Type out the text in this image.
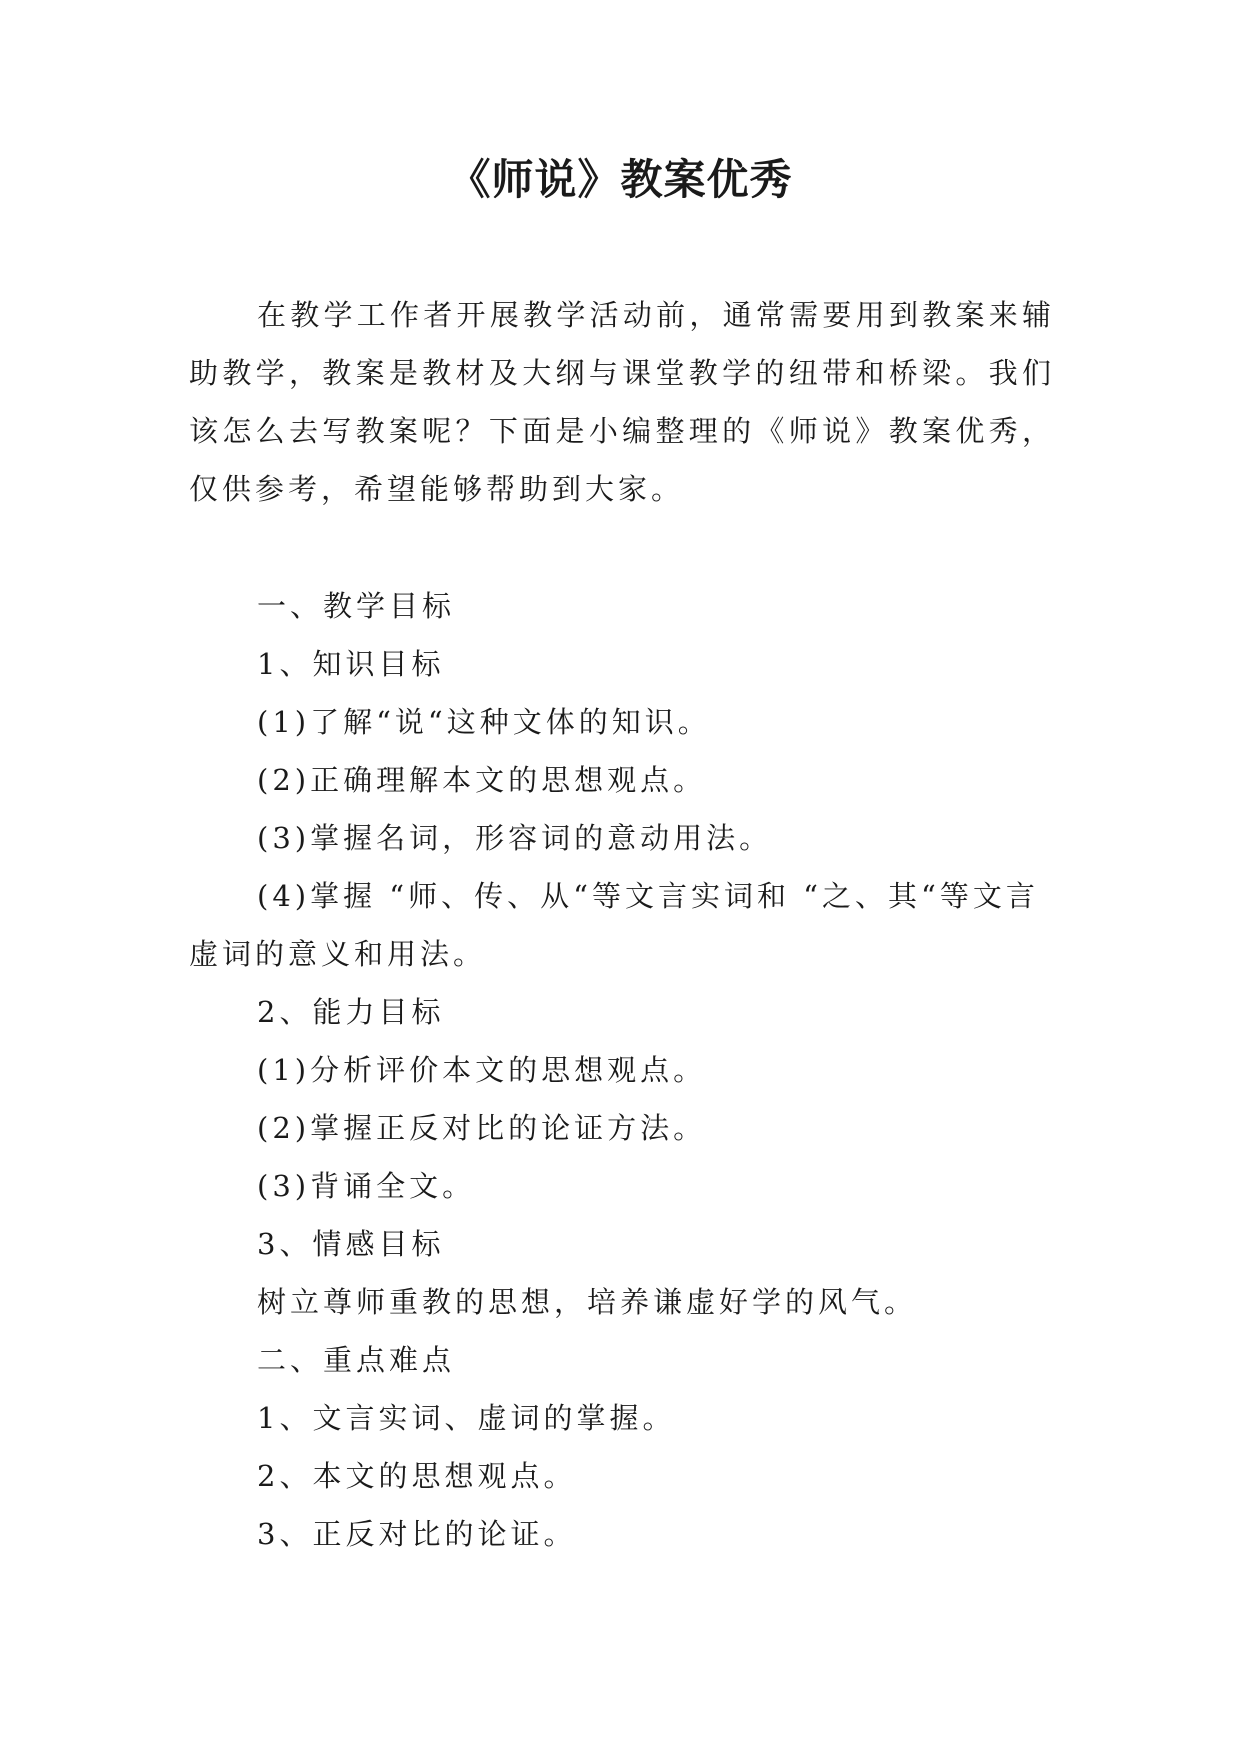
《师说》教案优秀

在教学工作者开展教学活动前，通常需要用到教案来辅助教学，教案是教材及大纲与课堂教学的纽带和桥梁。我们该怎么去写教案呢？下面是小编整理的《师说》教案优秀，仅供参考，希望能够帮助到大家。

一、教学目标

1、知识目标

(1)了解“说“这种文体的知识。

(2)正确理解本文的思想观点。

(3)掌握名词，形容词的意动用法。

(4)掌握 “师、传、从“等文言实词和 “之、其“等文言虚词的意义和用法。

2、能力目标

(1)分析评价本文的思想观点。

(2)掌握正反对比的论证方法。

(3)背诵全文。

3、情感目标

树立尊师重教的思想，培养谦虚好学的风气。

二、重点难点

1、文言实词、虚词的掌握。

2、本文的思想观点。

3、正反对比的论证。
